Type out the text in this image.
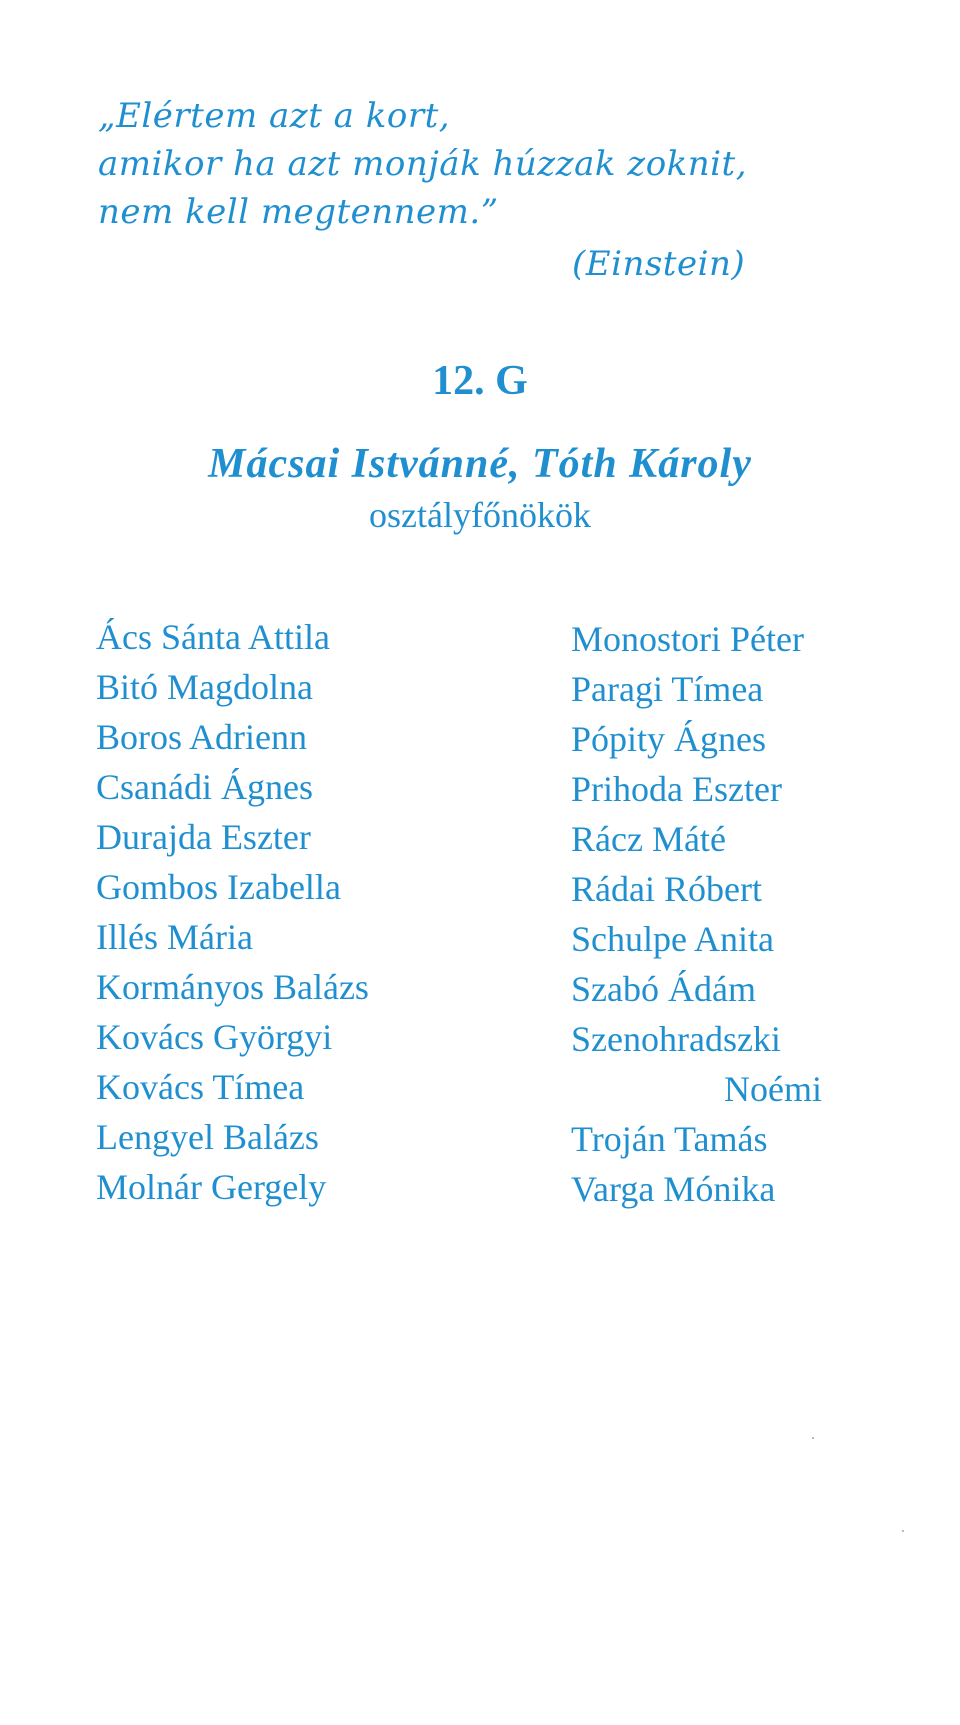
„Elértem azt a kort,
amikor ha azt monják húzzak zoknit,
nem kell megtennem.”
(Einstein)
12. G
Mácsai Istvánné, Tóth Károly
osztályfőnökök
Ács Sánta Attila
Bitó Magdolna
Boros Adrienn
Csanádi Ágnes
Durajda Eszter
Gombos Izabella
Illés Mária
Kormányos Balázs
Kovács Györgyi
Kovács Tímea
Lengyel Balázs
Molnár Gergely
Monostori Péter
Paragi Tímea
Pópity Ágnes
Prihoda Eszter
Rácz Máté
Rádai Róbert
Schulpe Anita
Szabó Ádám
Szenohradszki
Noémi
Troján Tamás
Varga Mónika
